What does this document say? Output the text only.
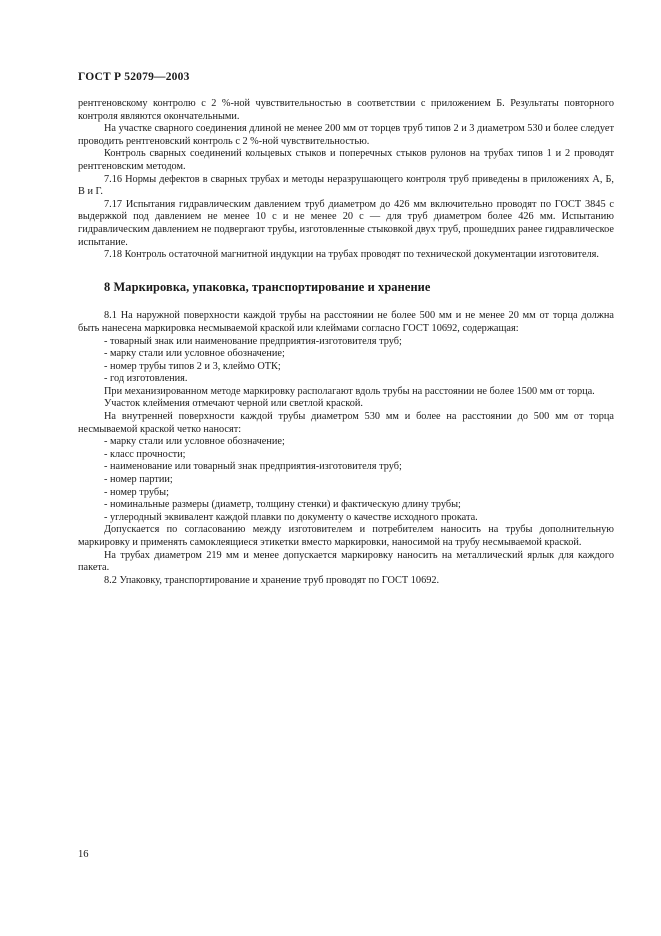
ГОСТ Р 52079—2003

рентгеновскому контролю с 2 %-ной чувствительностью в соответствии с приложением Б. Результаты повторного контроля являются окончательными.

На участке сварного соединения длиной не менее 200 мм от торцев труб типов 2 и 3 диаметром 530 и более следует проводить рентгеновский контроль с 2 %-ной чувствительностью.

Контроль сварных соединений кольцевых стыков и поперечных стыков рулонов на трубах типов 1 и 2 проводят рентгеновским методом.

7.16 Нормы дефектов в сварных трубах и методы неразрушающего контроля труб приведены в приложениях А, Б, В и Г.

7.17 Испытания гидравлическим давлением труб диаметром до 426 мм включительно проводят по ГОСТ 3845 с выдержкой под давлением не менее 10 с и не менее 20 с — для труб диаметром более 426 мм. Испытанию гидравлическим давлением не подвергают трубы, изготовленные стыковкой двух труб, прошедших ранее гидравлическое испытание.

7.18 Контроль остаточной магнитной индукции на трубах проводят по технической документации изготовителя.

8 Маркировка, упаковка, транспортирование и хранение

8.1 На наружной поверхности каждой трубы на расстоянии не более 500 мм и не менее 20 мм от торца должна быть нанесена маркировка несмываемой краской или клеймами согласно ГОСТ 10692, содержащая:

- товарный знак или наименование предприятия-изготовителя труб;

- марку стали или условное обозначение;

- номер трубы типов 2 и 3, клеймо ОТК;

- год изготовления.

При механизированном методе маркировку располагают вдоль трубы на расстоянии не более 1500 мм от торца.

Участок клеймения отмечают черной или светлой краской.

На внутренней поверхности каждой трубы диаметром 530 мм и более на расстоянии до 500 мм от торца несмываемой краской четко наносят:

- марку стали или условное обозначение;

- класс прочности;

- наименование или товарный знак предприятия-изготовителя труб;

- номер партии;

- номер трубы;

- номинальные размеры (диаметр, толщину стенки) и фактическую длину трубы;

- углеродный эквивалент каждой плавки по документу о качестве исходного проката.

Допускается по согласованию между изготовителем и потребителем наносить на трубы дополнительную маркировку и применять самоклеящиеся этикетки вместо маркировки, наносимой на трубу несмываемой краской.

На трубах диаметром 219 мм и менее допускается маркировку наносить на металлический ярлык для каждого пакета.

8.2 Упаковку, транспортирование и хранение труб проводят по ГОСТ 10692.

16
